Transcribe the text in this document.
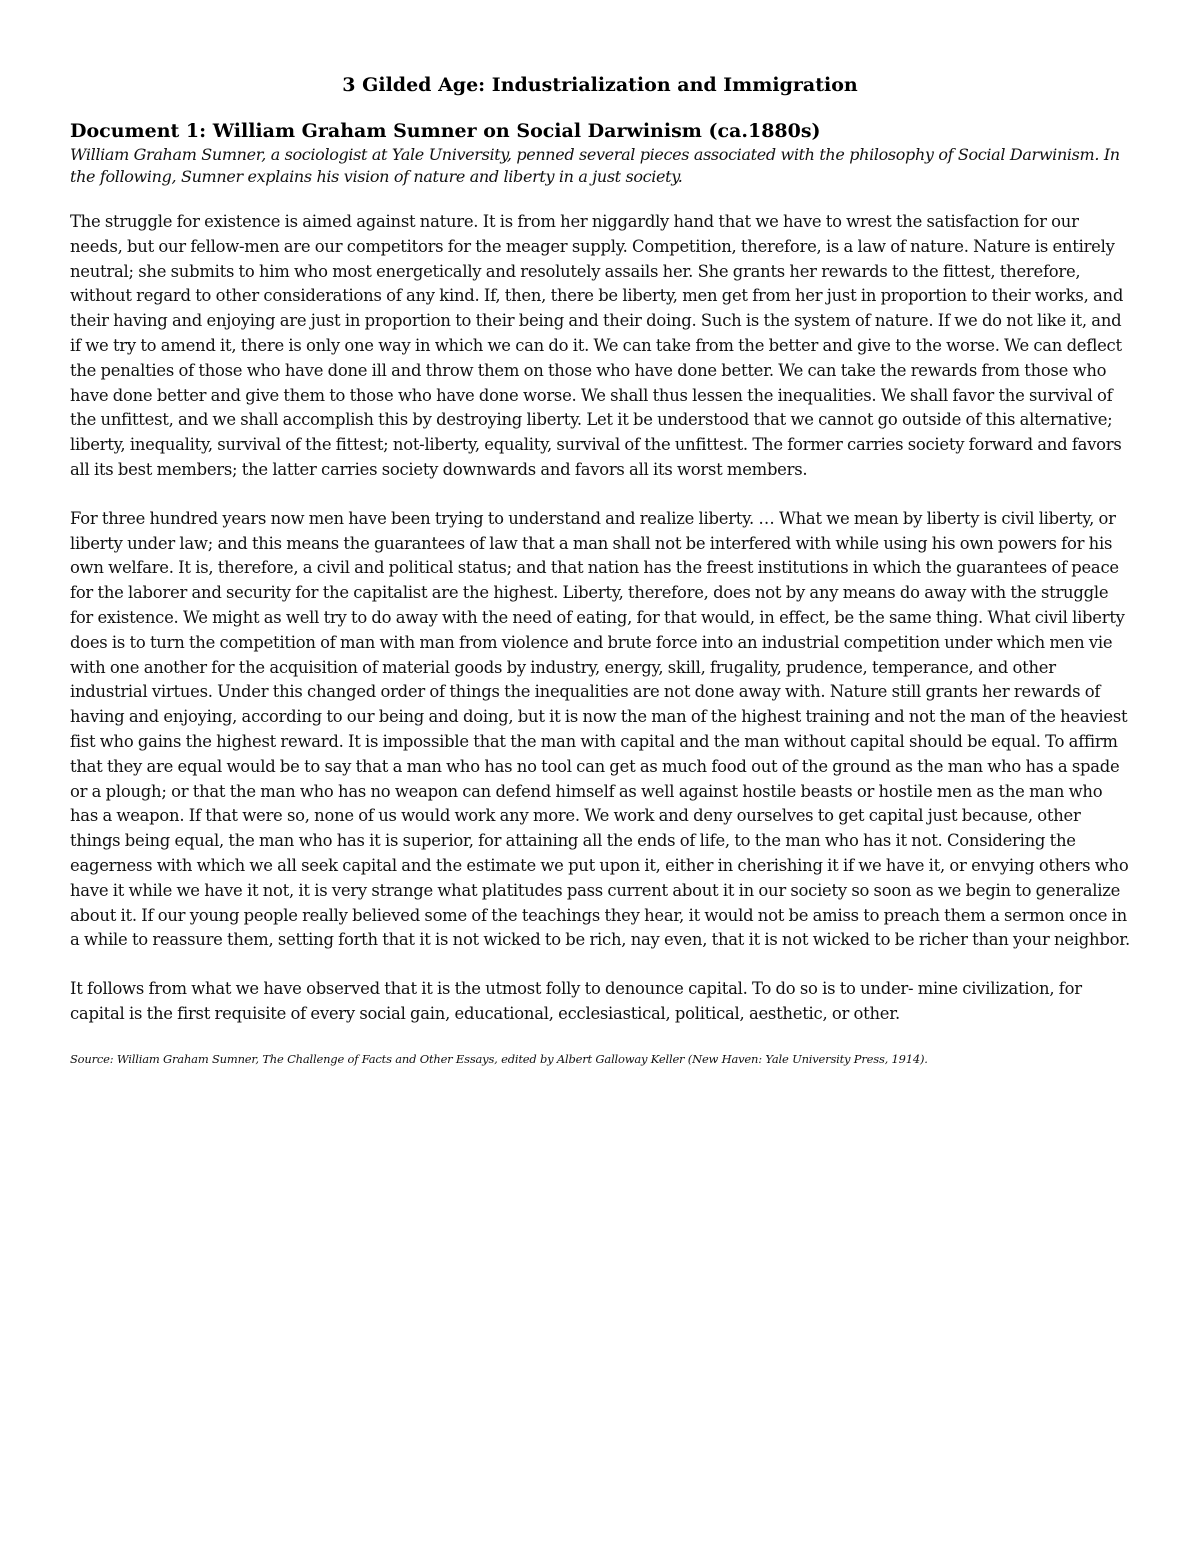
3 Gilded Age: Industrialization and Immigration
Document 1: William Graham Sumner on Social Darwinism (ca.1880s)

William Graham Sumner, a sociologist at Yale University, penned several pieces associated with the philosophy of Social Darwinism. In the following, Sumner explains his vision of nature and liberty in a just society.

The struggle for existence is aimed against nature. It is from her niggardly hand that we have to wrest the satisfaction for our needs, but our fellow-men are our competitors for the meager supply. Competition, therefore, is a law of nature. Nature is entirely neutral; she submits to him who most energetically and resolutely assails her. She grants her rewards to the fittest, therefore, without regard to other considerations of any kind. If, then, there be liberty, men get from her just in proportion to their works, and their having and enjoying are just in proportion to their being and their doing. Such is the system of nature. If we do not like it, and if we try to amend it, there is only one way in which we can do it. We can take from the better and give to the worse. We can deflect the penalties of those who have done ill and throw them on those who have done better. We can take the rewards from those who have done better and give them to those who have done worse. We shall thus lessen the inequalities. We shall favor the survival of the unfittest, and we shall accomplish this by destroying liberty. Let it be understood that we cannot go outside of this alternative; liberty, inequality, survival of the fittest; not-liberty, equality, survival of the unfittest. The former carries society forward and favors all its best members; the latter carries society downwards and favors all its worst members.

For three hundred years now men have been trying to understand and realize liberty. … What we mean by liberty is civil liberty, or liberty under law; and this means the guarantees of law that a man shall not be interfered with while using his own powers for his own welfare. It is, therefore, a civil and political status; and that nation has the freest institutions in which the guarantees of peace for the laborer and security for the capitalist are the highest. Liberty, therefore, does not by any means do away with the struggle for existence. We might as well try to do away with the need of eating, for that would, in effect, be the same thing. What civil liberty does is to turn the competition of man with man from violence and brute force into an industrial competition under which men vie with one another for the acquisition of material goods by industry, energy, skill, frugality, prudence, temperance, and other industrial virtues. Under this changed order of things the inequalities are not done away with. Nature still grants her rewards of having and enjoying, according to our being and doing, but it is now the man of the highest training and not the man of the heaviest fist who gains the highest reward. It is impossible that the man with capital and the man without capital should be equal. To affirm that they are equal would be to say that a man who has no tool can get as much food out of the ground as the man who has a spade or a plough; or that the man who has no weapon can defend himself as well against hostile beasts or hostile men as the man who has a weapon. If that were so, none of us would work any more. We work and deny ourselves to get capital just because, other things being equal, the man who has it is superior, for attaining all the ends of life, to the man who has it not. Considering the eagerness with which we all seek capital and the estimate we put upon it, either in cherishing it if we have it, or envying others who have it while we have it not, it is very strange what platitudes pass current about it in our society so soon as we begin to generalize about it. If our young people really believed some of the teachings they hear, it would not be amiss to preach them a sermon once in a while to reassure them, setting forth that it is not wicked to be rich, nay even, that it is not wicked to be richer than your neighbor.

It follows from what we have observed that it is the utmost folly to denounce capital. To do so is to under- mine civilization, for capital is the first requisite of every social gain, educational, ecclesiastical, political, aesthetic, or other.

Source: William Graham Sumner, The Challenge of Facts and Other Essays, edited by Albert Galloway Keller (New Haven: Yale University Press, 1914).
